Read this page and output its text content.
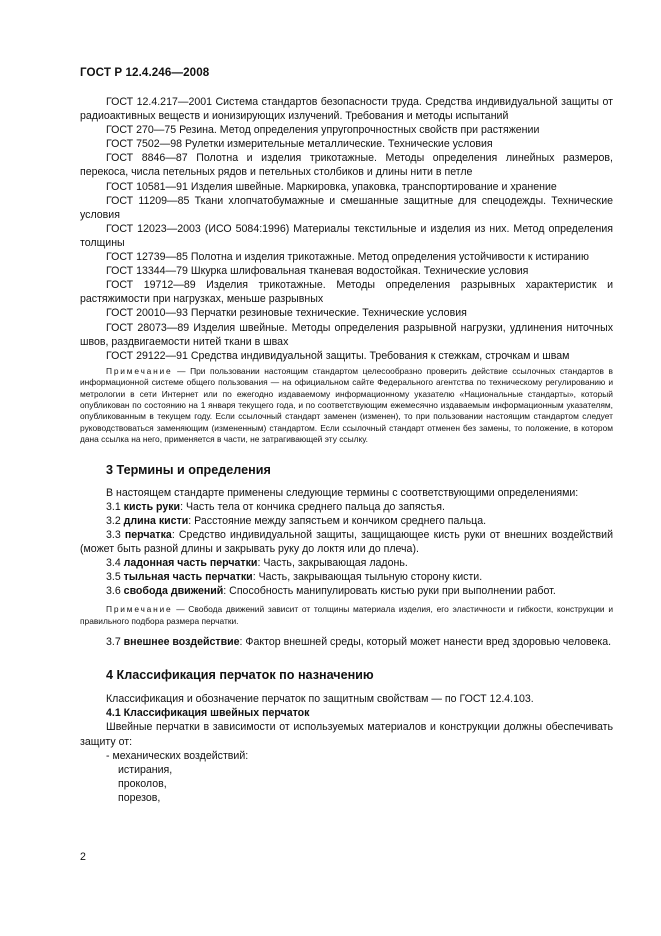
ГОСТ Р 12.4.246—2008

ГОСТ 12.4.217—2001 Система стандартов безопасности труда. Средства индивидуальной защиты от радиоактивных веществ и ионизирующих излучений. Требования и методы испытаний

ГОСТ 270—75 Резина. Метод определения упругопрочностных свойств при растяжении

ГОСТ 7502—98 Рулетки измерительные металлические. Технические условия

ГОСТ 8846—87 Полотна и изделия трикотажные. Методы определения линейных размеров, перекоса, числа петельных рядов и петельных столбиков и длины нити в петле

ГОСТ 10581—91 Изделия швейные. Маркировка, упаковка, транспортирование и хранение

ГОСТ 11209—85 Ткани хлопчатобумажные и смешанные защитные для спецодежды. Технические условия

ГОСТ 12023—2003 (ИСО 5084:1996) Материалы текстильные и изделия из них. Метод определения толщины

ГОСТ 12739—85 Полотна и изделия трикотажные. Метод определения устойчивости к истиранию

ГОСТ 13344—79 Шкурка шлифовальная тканевая водостойкая. Технические условия

ГОСТ 19712—89 Изделия трикотажные. Методы определения разрывных характеристик и растяжимости при нагрузках, меньше разрывных

ГОСТ 20010—93 Перчатки резиновые технические. Технические условия

ГОСТ 28073—89 Изделия швейные. Методы определения разрывной нагрузки, удлинения ниточных швов, раздвигаемости нитей ткани в швах

ГОСТ 29122—91 Средства индивидуальной защиты. Требования к стежкам, строчкам и швам

Примечание — При пользовании настоящим стандартом целесообразно проверить действие ссылочных стандартов в информационной системе общего пользования — на официальном сайте Федерального агентства по техническому регулированию и метрологии в сети Интернет или по ежегодно издаваемому информационному указателю «Национальные стандарты», который опубликован по состоянию на 1 января текущего года, и по соответствующим ежемесячно издаваемым информационным указателям, опубликованным в текущем году. Если ссылочный стандарт заменен (изменен), то при пользовании настоящим стандартом следует руководствоваться заменяющим (измененным) стандартом. Если ссылочный стандарт отменен без замены, то положение, в котором дана ссылка на него, применяется в части, не затрагивающей эту ссылку.
3 Термины и определения

В настоящем стандарте применены следующие термины с соответствующими определениями:

3.1 кисть руки: Часть тела от кончика среднего пальца до запястья.

3.2 длина кисти: Расстояние между запястьем и кончиком среднего пальца.

3.3 перчатка: Средство индивидуальной защиты, защищающее кисть руки от внешних воздействий (может быть разной длины и закрывать руку до локтя или до плеча).

3.4 ладонная часть перчатки: Часть, закрывающая ладонь.

3.5 тыльная часть перчатки: Часть, закрывающая тыльную сторону кисти.

3.6 свобода движений: Способность манипулировать кистью руки при выполнении работ.

Примечание — Свобода движений зависит от толщины материала изделия, его эластичности и гибкости, конструкции и правильного подбора размера перчатки.

3.7 внешнее воздействие: Фактор внешней среды, который может нанести вред здоровью человека.

4 Классификация перчаток по назначению

Классификация и обозначение перчаток по защитным свойствам — по ГОСТ 12.4.103.

4.1 Классификация швейных перчаток

Швейные перчатки в зависимости от используемых материалов и конструкции должны обеспечивать защиту от:

- механических воздействий:

истирания,

проколов,

порезов,

2
